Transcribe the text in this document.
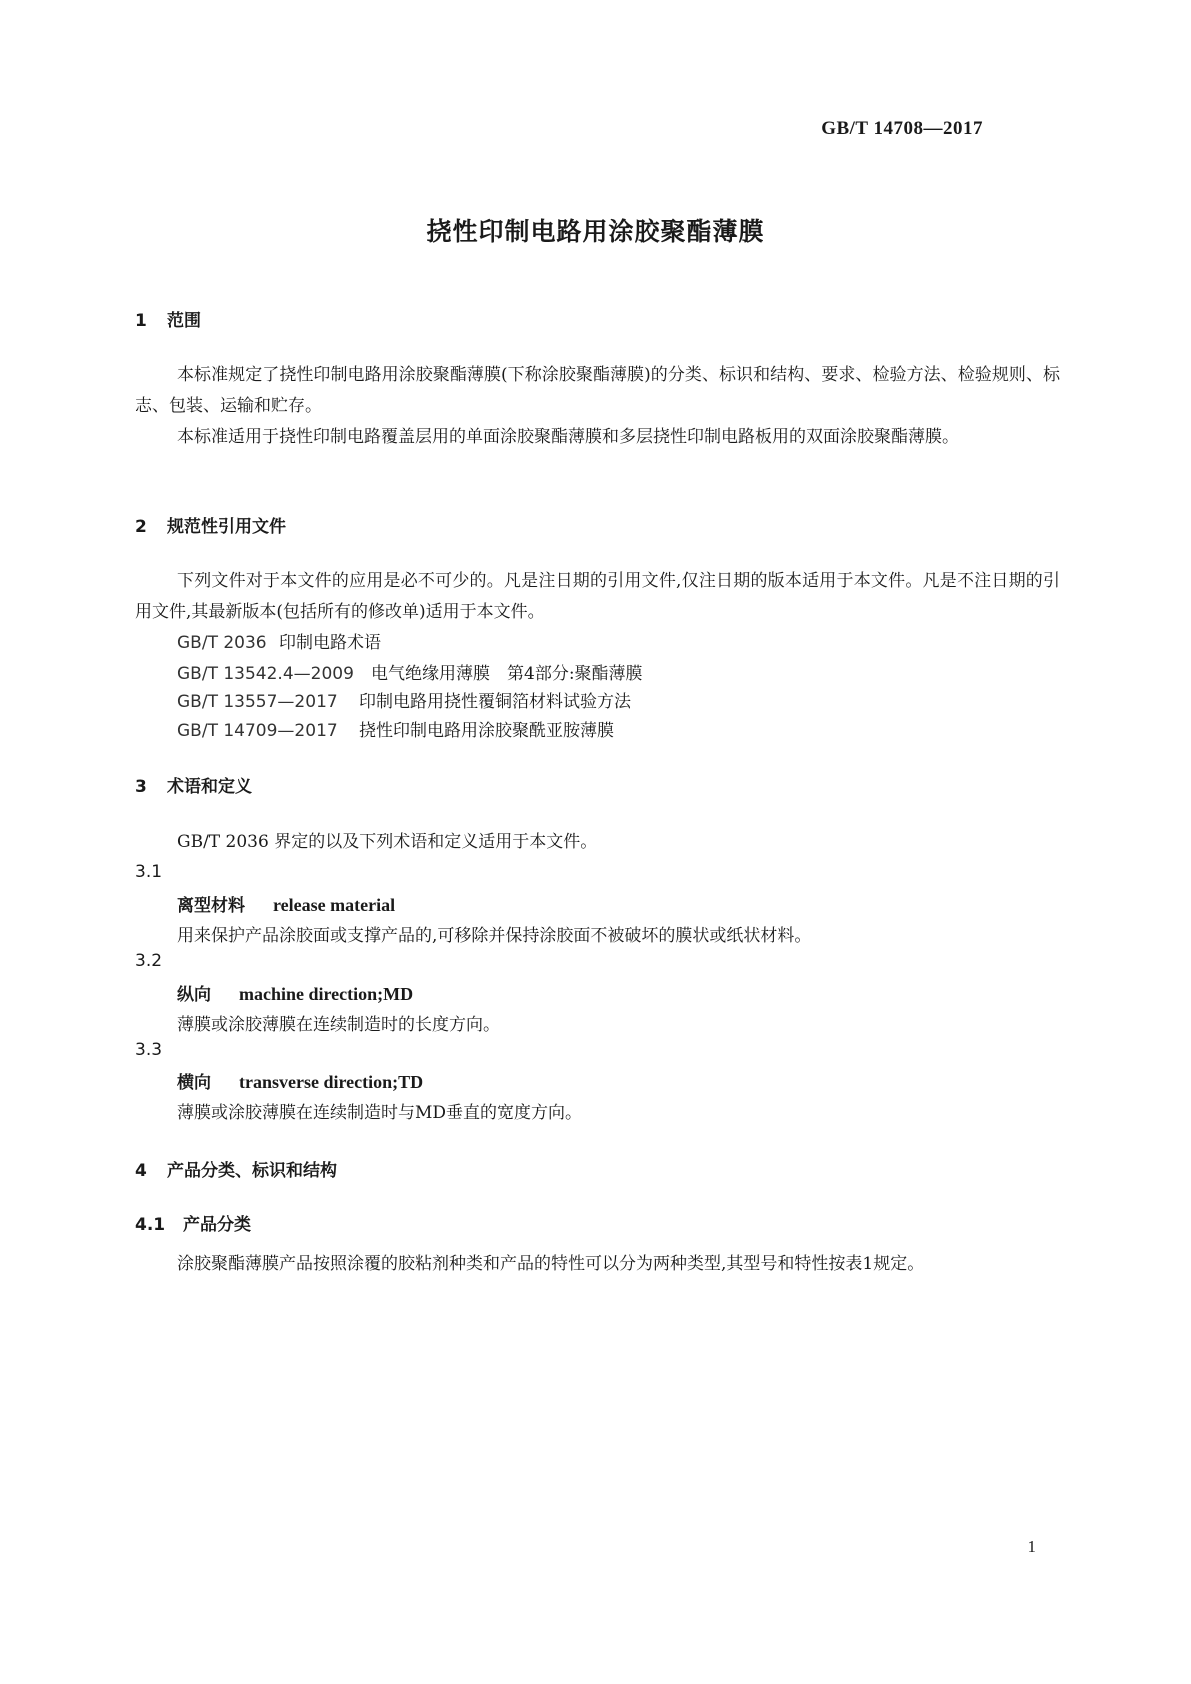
GB/T 14708—2017
挠性印制电路用涂胶聚酯薄膜
1 范围
本标准规定了挠性印制电路用涂胶聚酯薄膜(下称涂胶聚酯薄膜)的分类、标识和结构、要求、检验方法、检验规则、标志、包装、运输和贮存。
本标准适用于挠性印制电路覆盖层用的单面涂胶聚酯薄膜和多层挠性印制电路板用的双面涂胶聚酯薄膜。
2 规范性引用文件
下列文件对于本文件的应用是必不可少的。凡是注日期的引用文件,仅注日期的版本适用于本文件。凡是不注日期的引用文件,其最新版本(包括所有的修改单)适用于本文件。
GB/T 2036 印制电路术语
GB/T 13542.4—2009 电气绝缘用薄膜　第4部分:聚酯薄膜
GB/T 13557—2017 印制电路用挠性覆铜箔材料试验方法
GB/T 14709—2017 挠性印制电路用涂胶聚酰亚胺薄膜
3 术语和定义
GB/T 2036 界定的以及下列术语和定义适用于本文件。
3.1
离型材料 release material
用来保护产品涂胶面或支撑产品的,可移除并保持涂胶面不被破坏的膜状或纸状材料。
3.2
纵向 machine direction;MD
薄膜或涂胶薄膜在连续制造时的长度方向。
3.3
横向 transverse direction;TD
薄膜或涂胶薄膜在连续制造时与MD垂直的宽度方向。
4 产品分类、标识和结构
4.1 产品分类
涂胶聚酯薄膜产品按照涂覆的胶粘剂种类和产品的特性可以分为两种类型,其型号和特性按表1规定。
1
